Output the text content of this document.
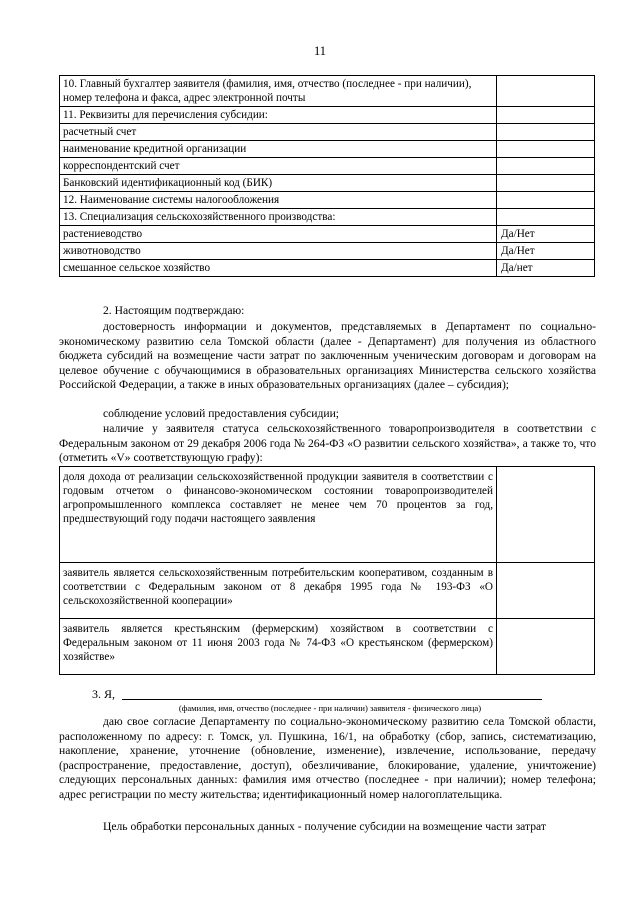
11
10. Главный бухгалтер заявителя (фамилия, имя, отчество (последнее - при наличии), номер телефона и факса, адрес электронной почты	
11. Реквизиты для перечисления субсидии:	
расчетный счет	
наименование кредитной организации	
корреспондентский счет	
Банковский идентификационный код (БИК)	
12. Наименование системы налогообложения	
13. Специализация сельскохозяйственного производства:	
растениеводство	Да/Нет
животноводство	Да/Нет
смешанное сельское хозяйство	Да/нет
2. Настоящим подтверждаю:
достоверность информации и документов, представляемых в Департамент по социально-экономическому развитию села Томской области (далее - Департамент) для получения из областного бюджета субсидий на возмещение части затрат по заключенным ученическим договорам и договорам на целевое обучение с обучающимися в образовательных организациях Министерства сельского хозяйства Российской Федерации, а также в иных образовательных организациях (далее – субсидия);
соблюдение условий предоставления субсидии;
наличие у заявителя статуса сельскохозяйственного товаропроизводителя в соответствии с Федеральным законом от 29 декабря 2006 года № 264-ФЗ «О развитии сельского хозяйства», а также то, что (отметить «V» соответствующую графу):
доля дохода от реализации сельскохозяйственной продукции заявителя в соответствии с годовым отчетом о финансово-экономическом состоянии товаропроизводителей агропромышленного комплекса составляет не менее чем 70 процентов за год, предшествующий году подачи настоящего заявления	
заявитель является сельскохозяйственным потребительским кооперативом, созданным в соответствии с Федеральным законом от 8 декабря 1995 года № 193-ФЗ «О сельскохозяйственной кооперации»	
заявитель является крестьянским (фермерским) хозяйством в соответствии с Федеральным законом от 11 июня 2003 года № 74-ФЗ «О крестьянском (фермерском) хозяйстве»	
3. Я,
(фамилия, имя, отчество (последнее - при наличии) заявителя - физического лица)
даю свое согласие Департаменту по социально-экономическому развитию села Томской области, расположенному по адресу: г. Томск, ул. Пушкина, 16/1, на обработку (сбор, запись, систематизацию, накопление, хранение, уточнение (обновление, изменение), извлечение, использование, передачу (распространение, предоставление, доступ), обезличивание, блокирование, удаление, уничтожение) следующих персональных данных: фамилия имя отчество (последнее - при наличии); номер телефона; адрес регистрации по месту жительства; идентификационный номер налогоплательщика.
Цель обработки персональных данных - получение субсидии на возмещение части затрат
